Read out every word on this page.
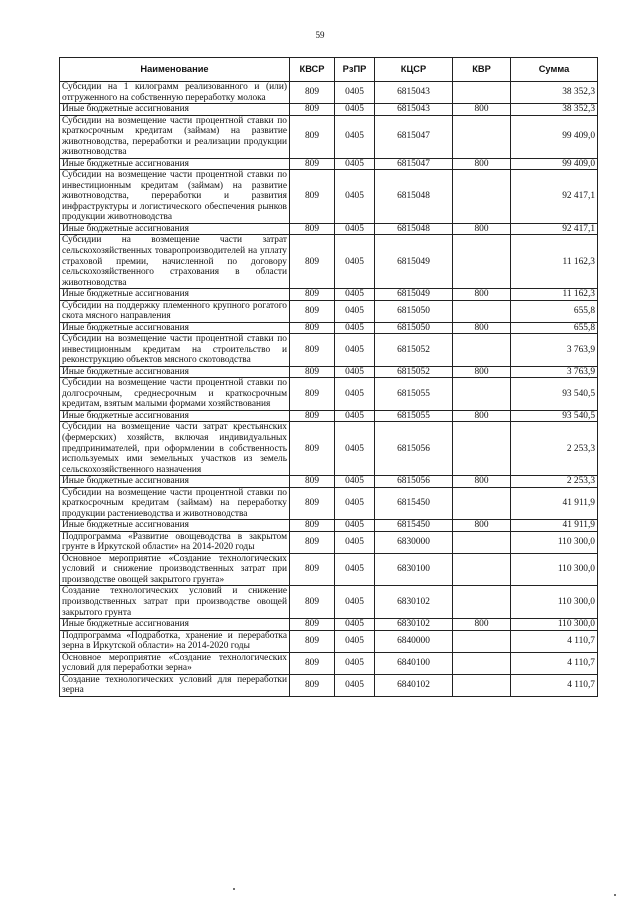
59
Наименование	КВСР	РзПР	КЦСР	КВР	Сумма
Субсидии на 1 килограмм реализованного и (или) отгруженного на собственную переработку молока	809	0405	6815043		38 352,3
Иные бюджетные ассигнования	809	0405	6815043	800	38 352,3
Субсидии на возмещение части процентной ставки по краткосрочным кредитам (займам) на развитие животноводства, переработки и реализации продукции животноводства	809	0405	6815047		99 409,0
Иные бюджетные ассигнования	809	0405	6815047	800	99 409,0
Субсидии на возмещение части процентной ставки по инвестиционным кредитам (займам) на развитие животноводства, переработки и развития инфраструктуры и логистического обеспечения рынков продукции животноводства	809	0405	6815048		92 417,1
Иные бюджетные ассигнования	809	0405	6815048	800	92 417,1
Субсидии на возмещение части затрат сельскохозяйственных товаропроизводителей на уплату страховой премии, начисленной по договору сельскохозяйственного страхования в области животноводства	809	0405	6815049		11 162,3
Иные бюджетные ассигнования	809	0405	6815049	800	11 162,3
Субсидии на поддержку племенного крупного рогатого скота мясного направления	809	0405	6815050		655,8
Иные бюджетные ассигнования	809	0405	6815050	800	655,8
Субсидии на возмещение части процентной ставки по инвестиционным кредитам на строительство и реконструкцию объектов мясного скотоводства	809	0405	6815052		3 763,9
Иные бюджетные ассигнования	809	0405	6815052	800	3 763,9
Субсидии на возмещение части процентной ставки по долгосрочным, среднесрочным и краткосрочным кредитам, взятым малыми формами хозяйствования	809	0405	6815055		93 540,5
Иные бюджетные ассигнования	809	0405	6815055	800	93 540,5
Субсидии на возмещение части затрат крестьянских (фермерских) хозяйств, включая индивидуальных предпринимателей, при оформлении в собственность используемых ими земельных участков из земель сельскохозяйственного назначения	809	0405	6815056		2 253,3
Иные бюджетные ассигнования	809	0405	6815056	800	2 253,3
Субсидии на возмещение части процентной ставки по краткосрочным кредитам (займам) на переработку продукции растениеводства и животноводства	809	0405	6815450		41 911,9
Иные бюджетные ассигнования	809	0405	6815450	800	41 911,9
Подпрограмма «Развитие овощеводства в закрытом грунте в Иркутской области» на 2014-2020 годы	809	0405	6830000		110 300,0
Основное мероприятие «Создание технологических условий и снижение производственных затрат при производстве овощей закрытого грунта»	809	0405	6830100		110 300,0
Создание технологических условий и снижение производственных затрат при производстве овощей закрытого грунта	809	0405	6830102		110 300,0
Иные бюджетные ассигнования	809	0405	6830102	800	110 300,0
Подпрограмма «Подработка, хранение и переработка зерна в Иркутской области» на 2014-2020 годы	809	0405	6840000		4 110,7
Основное мероприятие «Создание технологических условий для переработки зерна»	809	0405	6840100		4 110,7
Создание технологических условий для переработки зерна	809	0405	6840102		4 110,7
